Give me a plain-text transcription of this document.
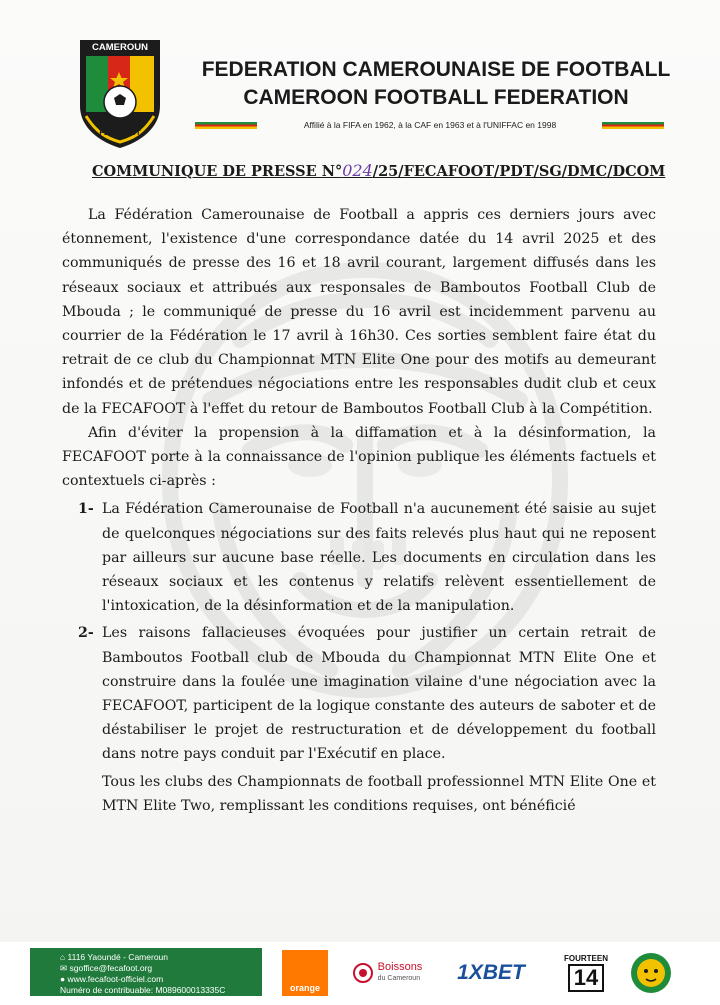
CAMEROUN
FECAFOOT
FEDERATION CAMEROUNAISE DE FOOTBALL
CAMEROON FOOTBALL FEDERATION
Affilié à la FIFA en 1962, à la CAF en 1963 et à l'UNIFFAC en 1998
COMMUNIQUE DE PRESSE N°024/25/FECAFOOT/PDT/SG/DMC/DCOM

La Fédération Camerounaise de Football a appris ces derniers jours avec étonnement, l'existence d'une correspondance datée du 14 avril 2025 et des communiqués de presse des 16 et 18 avril courant, largement diffusés dans les réseaux sociaux et attribués aux responsales de Bamboutos Football Club de Mbouda ; le communiqué de presse du 16 avril est incidemment parvenu au courrier de la Fédération le 17 avril à 16h30. Ces sorties semblent faire état du retrait de ce club du Championnat MTN Elite One pour des motifs au demeurant infondés et de prétendues négociations entre les responsables dudit club et ceux de la FECAFOOT à l'effet du retour de Bamboutos Football Club à la Compétition.

Afin d'éviter la propension à la diffamation et à la désinformation, la FECAFOOT porte à la connaissance de l'opinion publique les éléments factuels et contextuels ci-après :

1- La Fédération Camerounaise de Football n'a aucunement été saisie au sujet de quelconques négociations sur des faits relevés plus haut qui ne reposent par ailleurs sur aucune base réelle. Les documents en circulation dans les réseaux sociaux et les contenus y relatifs relèvent essentiellement de l'intoxication, de la désinformation et de la manipulation.
2- Les raisons fallacieuses évoquées pour justifier un certain retrait de Bamboutos Football club de Mbouda du Championnat MTN Elite One et construire dans la foulée une imagination vilaine d'une négociation avec la FECAFOOT, participent de la logique constante des auteurs de saboter et de déstabiliser le projet de restructuration et de développement du football dans notre pays conduit par l'Exécutif en place.

Tous les clubs des Championnats de football professionnel MTN Elite One et MTN Elite Two, remplissant les conditions requises, ont bénéficié

⌂ 1116 Yaoundé - Cameroun
✉ sgoffice@fecafoot.org
● www.fecafoot-officiel.com
Numéro de contribuable: M089600013335C	orange
Boissons
du Cameroun 1XBET
FOURTEEN
14
